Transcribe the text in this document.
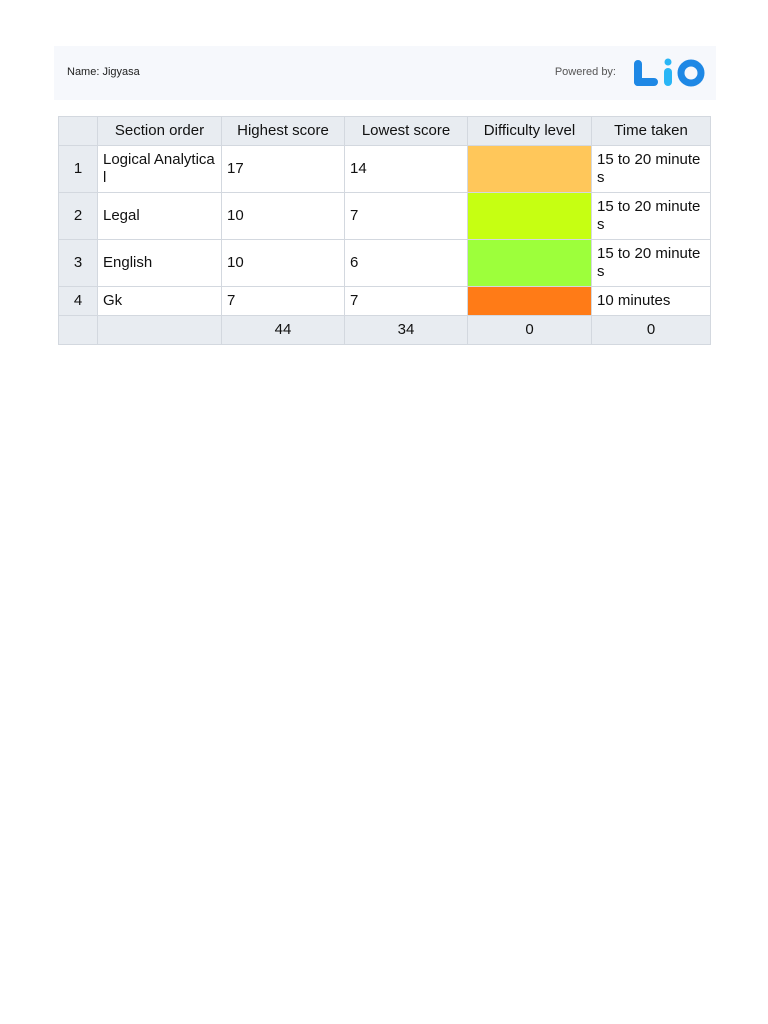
Name: Jigyasa	Powered by:
	Section order	Highest score	Lowest score	Difficulty level	Time taken
1	Logical Analytical	17	14		15 to 20 minutes
2	Legal	10	7		15 to 20 minutes
3	English	10	6		15 to 20 minutes
4	Gk	7	7		10 minutes
		44	34	0	0
